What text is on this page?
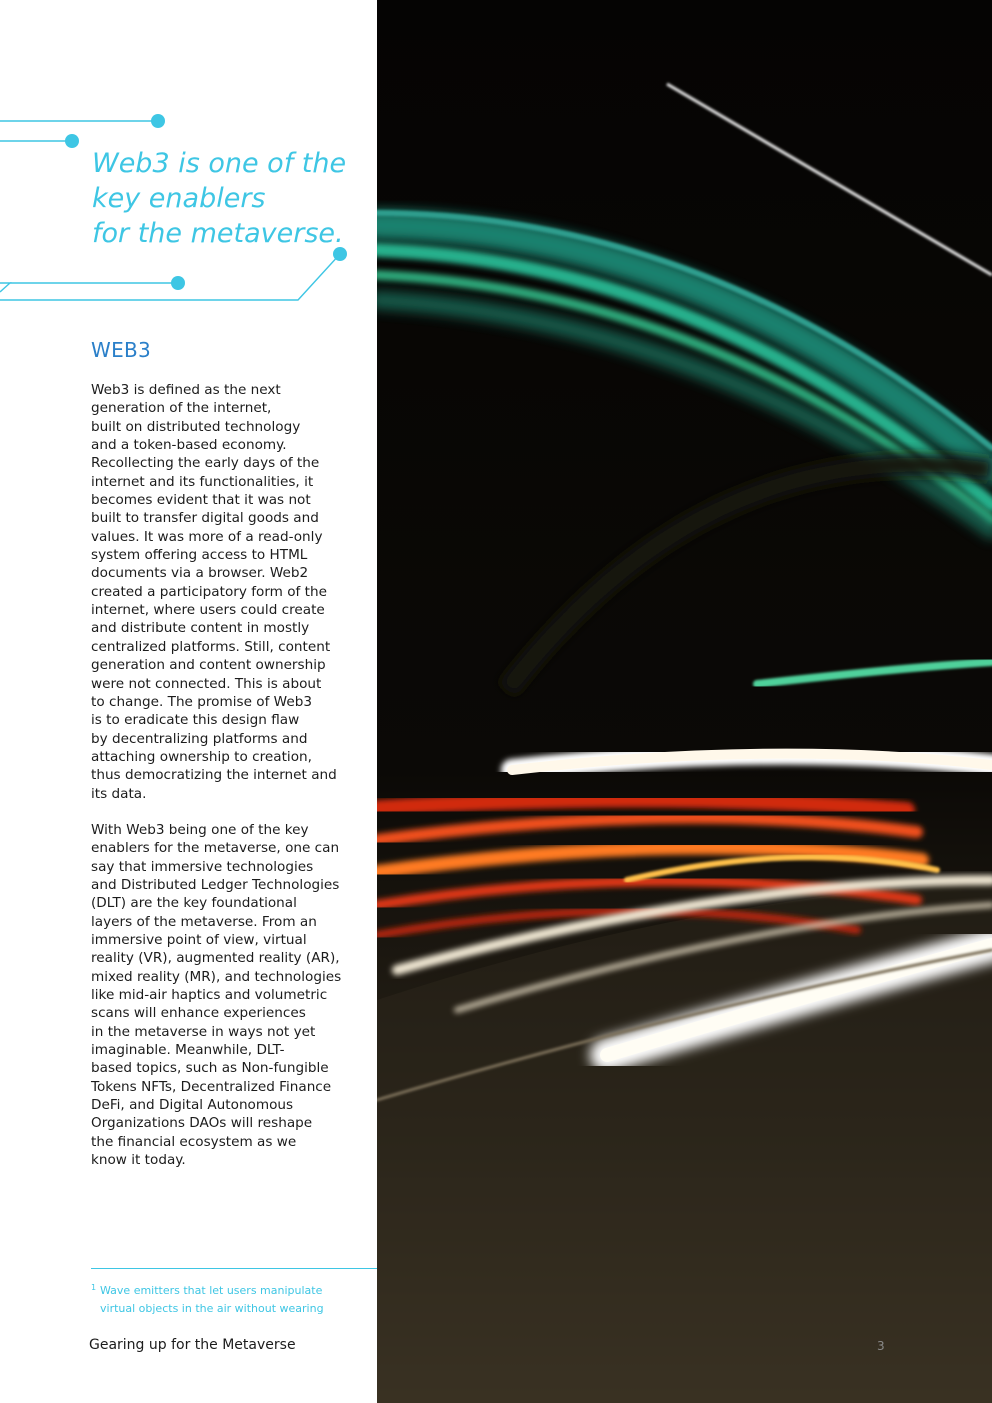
Web3 is one of the
key enablers
for the metaverse.

WEB3

Web3 is defined as the next
generation of the internet,
built on distributed technology
and a token-based economy.
Recollecting the early days of the
internet and its functionalities, it
becomes evident that it was not
built to transfer digital goods and
values. It was more of a read-only
system offering access to HTML
documents via a browser. Web2
created a participatory form of the
internet, where users could create
and distribute content in mostly
centralized platforms. Still, content
generation and content ownership
were not connected. This is about
to change. The promise of Web3
is to eradicate this design flaw
by decentralizing platforms and
attaching ownership to creation,
thus democratizing the internet and
its data.

With Web3 being one of the key
enablers for the metaverse, one can
say that immersive technologies
and Distributed Ledger Technologies
(DLT) are the key foundational
layers of the metaverse. From an
immersive point of view, virtual
reality (VR), augmented reality (AR),
mixed reality (MR), and technologies
like mid-air haptics and volumetric
scans will enhance experiences
in the metaverse in ways not yet
imaginable. Meanwhile, DLT-
based topics, such as Non-fungible
Tokens NFTs, Decentralized Finance
DeFi, and Digital Autonomous
Organizations DAOs will reshape
the financial ecosystem as we
know it today.

1 Wave emitters that let users manipulate
virtual objects in the air without wearing
Gearing up for the Metaverse	3
